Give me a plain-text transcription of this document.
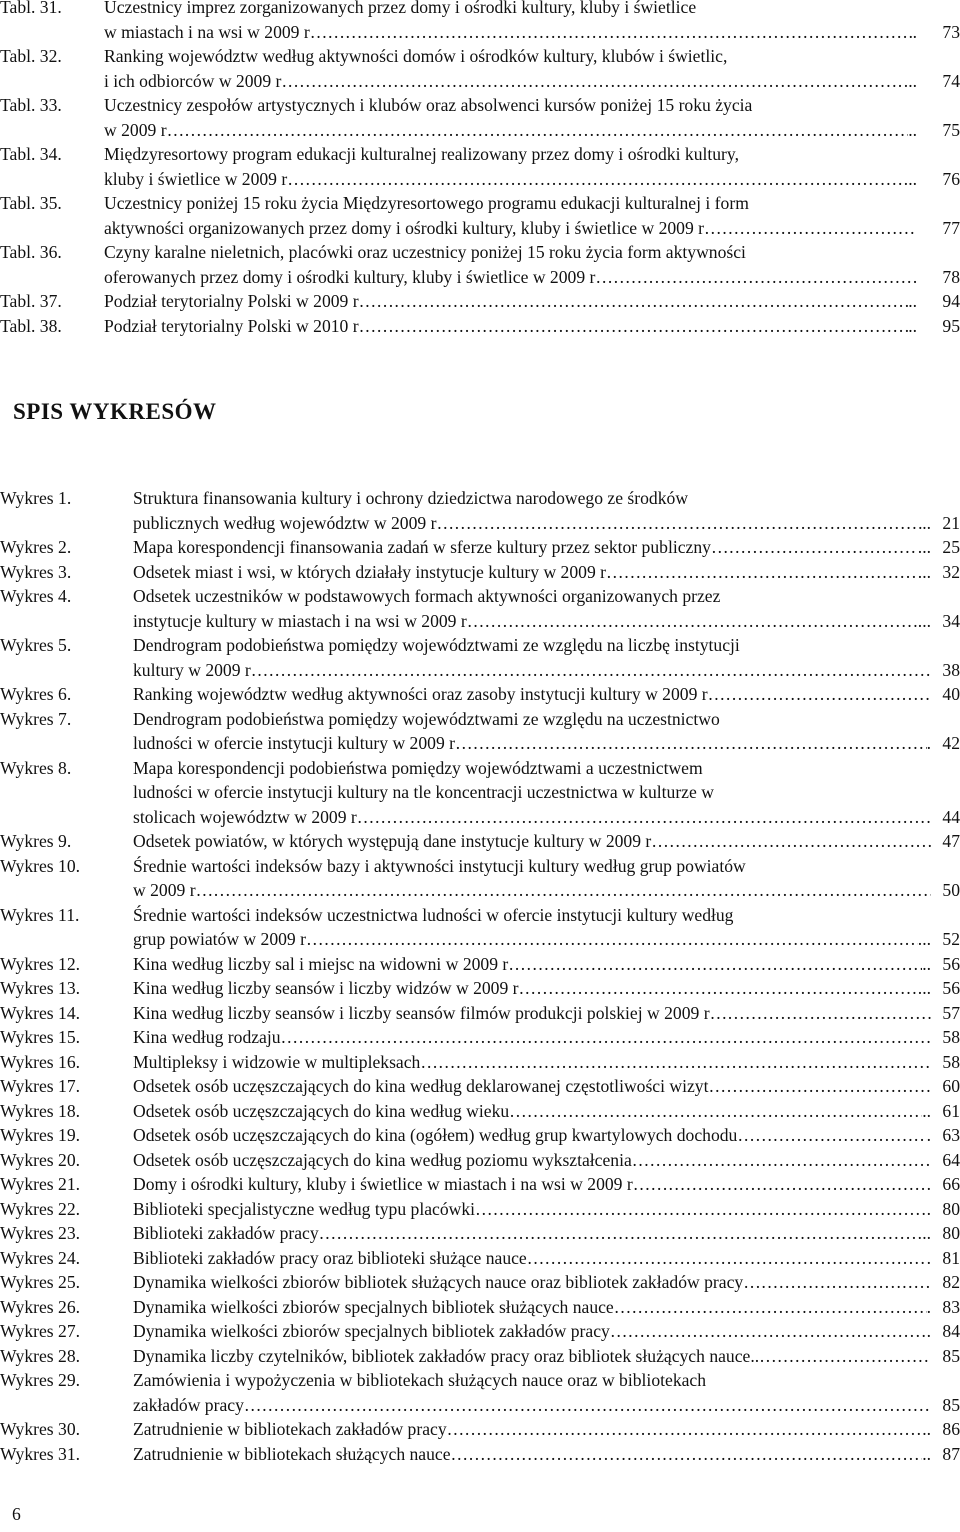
Tabl. 31.	Uczestnicy imprez zorganizowanych przez domy i ośrodki kultury, kluby i świetlice
w miastach i na wsi w 2009 r …………………………………………………………………………………………………………………………………………………………………………………………………………	.	73
Tabl. 32.	Ranking województw według aktywności domów i ośrodków kultury, klubów i świetlic,
i ich odbiorców w 2009 r …………………………………………………………………………………………………………………………………………………………………………………………………………	...	74
Tabl. 33.	Uczestnicy zespołów artystycznych i klubów oraz absolwenci kursów poniżej 15 roku życia
w 2009 r …………………………………………………………………………………………………………………………………………………………………………………………………………	..	75
Tabl. 34.	Międzyresortowy program edukacji kulturalnej realizowany przez domy i ośrodki kultury,
kluby i świetlice w 2009 r …………………………………………………………………………………………………………………………………………………………………………………………………………	..	76
Tabl. 35.	Uczestnicy poniżej 15 roku życia Międzyresortowego programu edukacji kulturalnej i form
aktywności organizowanych przez domy i ośrodki kultury, kluby i świetlice w 2009 r …………………………………………………………………………………………………………………………………………………………………………………………………………	77
Tabl. 36.	Czyny karalne nieletnich, placówki oraz uczestnicy poniżej 15 roku życia form aktywności
oferowanych przez domy i ośrodki kultury, kluby i świetlice w 2009 r …………………………………………………………………………………………………………………………………………………………………………………………………………	78
Tabl. 37.	Podział terytorialny Polski w 2009 r …………………………………………………………………………………………………………………………………………………………………………………………………………	..	94
Tabl. 38.	Podział terytorialny Polski w 2010 r …………………………………………………………………………………………………………………………………………………………………………………………………………	..	95
SPIS WYKRESÓW
Wykres 1.	Struktura finansowania kultury i ochrony dziedzictwa narodowego ze środków
publicznych według województw w 2009 r …………………………………………………………………………………………………………………………………………………………………………………………………………	.. 21
Wykres 2.	Mapa korespondencji finansowania zadań w sferze kultury przez sektor publiczny …………………………………………………………………………………………………………………………………………………………………………………………………………	... 25
Wykres 3.	Odsetek miast i wsi, w których działały instytucje kultury w 2009 r …………………………………………………………………………………………………………………………………………………………………………………………………………	... 32
Wykres 4.	Odsetek uczestników w podstawowych formach aktywności organizowanych przez
instytucje kultury w miastach i na wsi w 2009 r …………………………………………………………………………………………………………………………………………………………………………………………………………	... 34
Wykres 5.	Dendrogram podobieństwa pomiędzy województwami ze względu na liczbę instytucji
kultury w 2009 r …………………………………………………………………………………………………………………………………………………………………………………………………………	38
Wykres 6.	Ranking województw według aktywności oraz zasoby instytucji kultury w 2009 r …………………………………………………………………………………………………………………………………………………………………………………………………………	40
Wykres 7.	Dendrogram podobieństwa pomiędzy województwami ze względu na uczestnictwo
ludności w ofercie instytucji kultury w 2009 r …………………………………………………………………………………………………………………………………………………………………………………………………………	. 42
Wykres 8.	Mapa korespondencji podobieństwa pomiędzy województwami a uczestnictwem
ludności w ofercie instytucji kultury na tle koncentracji uczestnictwa w kulturze w
stolicach województw w 2009 r …………………………………………………………………………………………………………………………………………………………………………………………………………	44
Wykres 9.	Odsetek powiatów, w których występują dane instytucje kultury w 2009 r …………………………………………………………………………………………………………………………………………………………………………………………………………	47
Wykres 10.	Średnie wartości indeksów bazy i aktywności instytucji kultury według grup powiatów
w 2009 r …………………………………………………………………………………………………………………………………………………………………………………………………………	50
Wykres 11.	Średnie wartości indeksów uczestnictwa ludności w ofercie instytucji kultury według
grup powiatów w 2009 r …………………………………………………………………………………………………………………………………………………………………………………………………………	... 52
Wykres 12.	Kina według liczby sal i miejsc na widowni w 2009 r …………………………………………………………………………………………………………………………………………………………………………………………………………	.. 56
Wykres 13.	Kina według liczby seansów i liczby widzów w 2009 r …………………………………………………………………………………………………………………………………………………………………………………………………………	... 56
Wykres 14.	Kina według liczby seansów i liczby seansów filmów produkcji polskiej w 2009 r …………………………………………………………………………………………………………………………………………………………………………………………………………	57
Wykres 15.	Kina według rodzaju …………………………………………………………………………………………………………………………………………………………………………………………………………	58
Wykres 16.	Multipleksy i widzowie w multipleksach …………………………………………………………………………………………………………………………………………………………………………………………………………	58
Wykres 17.	Odsetek osób uczęszczających do kina według deklarowanej częstotliwości wizyt …………………………………………………………………………………………………………………………………………………………………………………………………………	60
Wykres 18.	Odsetek osób uczęszczających do kina według wieku …………………………………………………………………………………………………………………………………………………………………………………………………………	.. 61
Wykres 19.	Odsetek osób uczęszczających do kina (ogółem) według grup kwartylowych dochodu …………………………………………………………………………………………………………………………………………………………………………………………………………	. 63
Wykres 20.	Odsetek osób uczęszczających do kina według poziomu wykształcenia …………………………………………………………………………………………………………………………………………………………………………………………………………	64
Wykres 21.	Domy i ośrodki kultury, kluby i świetlice w miastach i na wsi w 2009 r …………………………………………………………………………………………………………………………………………………………………………………………………………	. 66
Wykres 22.	Biblioteki specjalistyczne według typu placówki …………………………………………………………………………………………………………………………………………………………………………………………………………	. 80
Wykres 23.	Biblioteki zakładów pracy …………………………………………………………………………………………………………………………………………………………………………………………………………	.. 80
Wykres 24.	Biblioteki zakładów pracy oraz biblioteki służące nauce …………………………………………………………………………………………………………………………………………………………………………………………………………	. 81
Wykres 25.	Dynamika wielkości zbiorów bibliotek służących nauce oraz bibliotek zakładów pracy …………………………………………………………………………………………………………………………………………………………………………………………………………	82
Wykres 26.	Dynamika wielkości zbiorów specjalnych bibliotek służących nauce …………………………………………………………………………………………………………………………………………………………………………………………………………	. 83
Wykres 27.	Dynamika wielkości zbiorów specjalnych bibliotek zakładów pracy …………………………………………………………………………………………………………………………………………………………………………………………………………	. 84
Wykres 28.	Dynamika liczby czytelników, bibliotek zakładów pracy oraz bibliotek służących nauce.. …………………………………………………………………………………………………………………………………………………………………………………………………………	85
Wykres 29.	Zamówienia i wypożyczenia w bibliotekach służących nauce oraz w bibliotekach
zakładów pracy …………………………………………………………………………………………………………………………………………………………………………………………………………	85
Wykres 30.	Zatrudnienie w bibliotekach zakładów pracy …………………………………………………………………………………………………………………………………………………………………………………………………………	.. 86
Wykres 31.	Zatrudnienie w bibliotekach służących nauce …………………………………………………………………………………………………………………………………………………………………………………………………………	.. 87
6
